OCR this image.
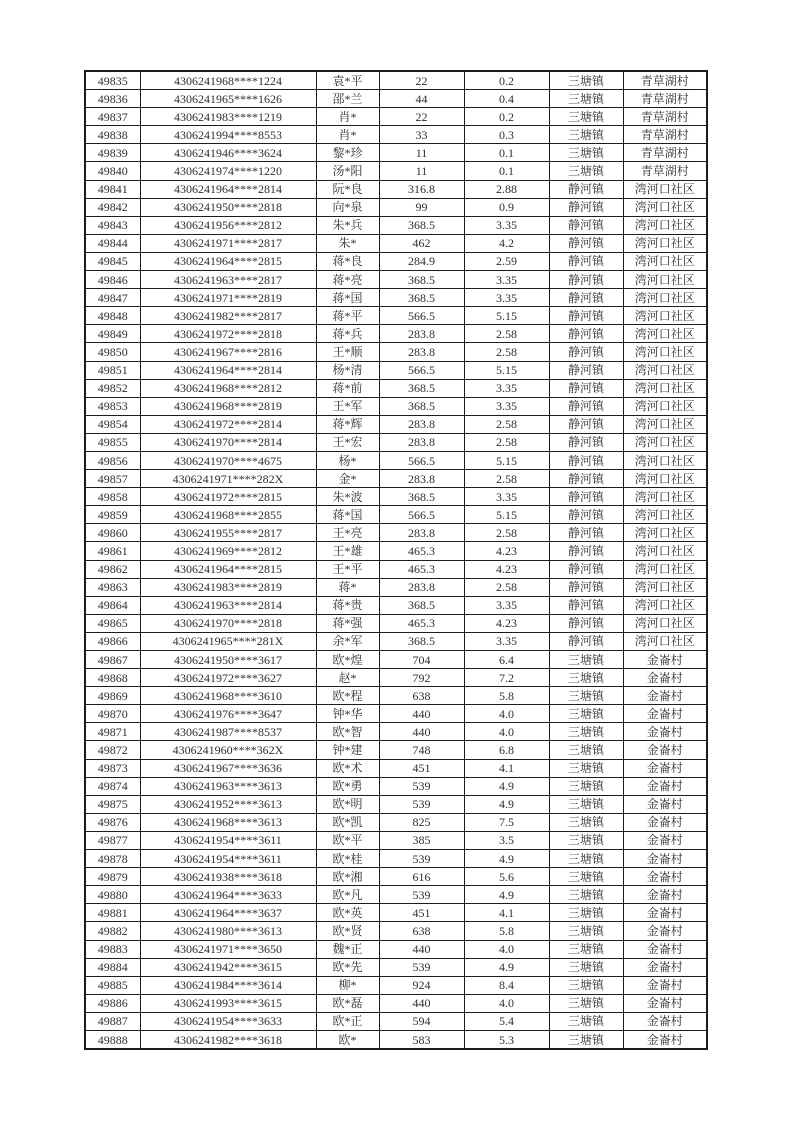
49835	4306241968****1224	袁*平	22	0.2	三塘镇	青草湖村
49836	4306241965****1626	邵*兰	44	0.4	三塘镇	青草湖村
49837	4306241983****1219	肖*	22	0.2	三塘镇	青草湖村
49838	4306241994****8553	肖*	33	0.3	三塘镇	青草湖村
49839	4306241946****3624	黎*珍	11	0.1	三塘镇	青草湖村
49840	4306241974****1220	汤*阳	11	0.1	三塘镇	青草湖村
49841	4306241964****2814	阮*良	316.8	2.88	静河镇	湾河口社区
49842	4306241950****2818	向*泉	99	0.9	静河镇	湾河口社区
49843	4306241956****2812	朱*兵	368.5	3.35	静河镇	湾河口社区
49844	4306241971****2817	朱*	462	4.2	静河镇	湾河口社区
49845	4306241964****2815	蒋*良	284.9	2.59	静河镇	湾河口社区
49846	4306241963****2817	蒋*亮	368.5	3.35	静河镇	湾河口社区
49847	4306241971****2819	蒋*国	368.5	3.35	静河镇	湾河口社区
49848	4306241982****2817	蒋*平	566.5	5.15	静河镇	湾河口社区
49849	4306241972****2818	蒋*兵	283.8	2.58	静河镇	湾河口社区
49850	4306241967****2816	王*顺	283.8	2.58	静河镇	湾河口社区
49851	4306241964****2814	杨*清	566.5	5.15	静河镇	湾河口社区
49852	4306241968****2812	蒋*前	368.5	3.35	静河镇	湾河口社区
49853	4306241968****2819	王*军	368.5	3.35	静河镇	湾河口社区
49854	4306241972****2814	蒋*辉	283.8	2.58	静河镇	湾河口社区
49855	4306241970****2814	王*宏	283.8	2.58	静河镇	湾河口社区
49856	4306241970****4675	杨*	566.5	5.15	静河镇	湾河口社区
49857	4306241971****282X	金*	283.8	2.58	静河镇	湾河口社区
49858	4306241972****2815	朱*波	368.5	3.35	静河镇	湾河口社区
49859	4306241968****2855	蒋*国	566.5	5.15	静河镇	湾河口社区
49860	4306241955****2817	王*亮	283.8	2.58	静河镇	湾河口社区
49861	4306241969****2812	王*雄	465.3	4.23	静河镇	湾河口社区
49862	4306241964****2815	王*平	465.3	4.23	静河镇	湾河口社区
49863	4306241983****2819	蒋*	283.8	2.58	静河镇	湾河口社区
49864	4306241963****2814	蒋*贵	368.5	3.35	静河镇	湾河口社区
49865	4306241970****2818	蒋*强	465.3	4.23	静河镇	湾河口社区
49866	4306241965****281X	余*军	368.5	3.35	静河镇	湾河口社区
49867	4306241950****3617	欧*煌	704	6.4	三塘镇	金崙村
49868	4306241972****3627	赵*	792	7.2	三塘镇	金崙村
49869	4306241968****3610	欧*程	638	5.8	三塘镇	金崙村
49870	4306241976****3647	钟*华	440	4.0	三塘镇	金崙村
49871	4306241987****8537	欧*智	440	4.0	三塘镇	金崙村
49872	4306241960****362X	钟*建	748	6.8	三塘镇	金崙村
49873	4306241967****3636	欧*术	451	4.1	三塘镇	金崙村
49874	4306241963****3613	欧*勇	539	4.9	三塘镇	金崙村
49875	4306241952****3613	欧*明	539	4.9	三塘镇	金崙村
49876	4306241968****3613	欧*凯	825	7.5	三塘镇	金崙村
49877	4306241954****3611	欧*平	385	3.5	三塘镇	金崙村
49878	4306241954****3611	欧*桂	539	4.9	三塘镇	金崙村
49879	4306241938****3618	欧*湘	616	5.6	三塘镇	金崙村
49880	4306241964****3633	欧*凡	539	4.9	三塘镇	金崙村
49881	4306241964****3637	欧*英	451	4.1	三塘镇	金崙村
49882	4306241980****3613	欧*贤	638	5.8	三塘镇	金崙村
49883	4306241971****3650	魏*正	440	4.0	三塘镇	金崙村
49884	4306241942****3615	欧*先	539	4.9	三塘镇	金崙村
49885	4306241984****3614	柳*	924	8.4	三塘镇	金崙村
49886	4306241993****3615	欧*磊	440	4.0	三塘镇	金崙村
49887	4306241954****3633	欧*正	594	5.4	三塘镇	金崙村
49888	4306241982****3618	欧*	583	5.3	三塘镇	金崙村
